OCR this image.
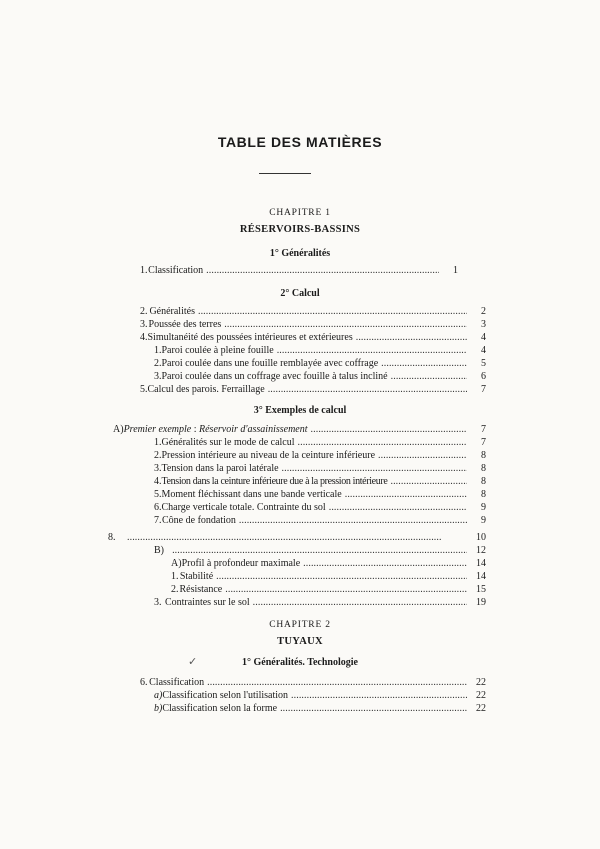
TABLE DES MATIÈRES
CHAPITRE 1
RÉSERVOIRS-BASSINS
1° Généralités
1. Classification . . .	1
2° Calcul
2. Généralités . . .	2
3. Poussée des terres . . .	3
4. Simultanéité des poussées intérieures et extérieures . . .	4
1. Paroi coulée à pleine fouille . . .	4
2. Paroi coulée dans une fouille remblayée avec coffrage . . .	5
3. Paroi coulée dans un coffrage avec fouille à talus incliné . . .	6
5. Calcul des parois. Ferraillage . . .	7
3° Exemples de calcul
A) Premier exemple : Réservoir d'assainissement . . .	7
1. Généralités sur le mode de calcul . . .	7
2. Pression intérieure au niveau de la ceinture inférieure . . .	8
3. Tension dans la paroi latérale . . .	8
4. Tension dans la ceinture inférieure due à la pression intérieure . . .	8
5. Moment fléchissant dans une bande verticale . . .	8
6. Charge verticale totale. Contrainte du sol . . .	9
7. Cône de fondation . . .	9
8. . . .	10
B) . . .	12
A) Profil à profondeur maximale . . .	14
1. Stabilité . . .	14
2. Résistance . . .	15
3. Contraintes sur le sol . . .	19
CHAPITRE 2
TUYAUX
✓	1° Généralités. Technologie
6. Classification . . .	22
a) Classification selon l'utilisation . . .	22
b) Classification selon la forme . . .	22
